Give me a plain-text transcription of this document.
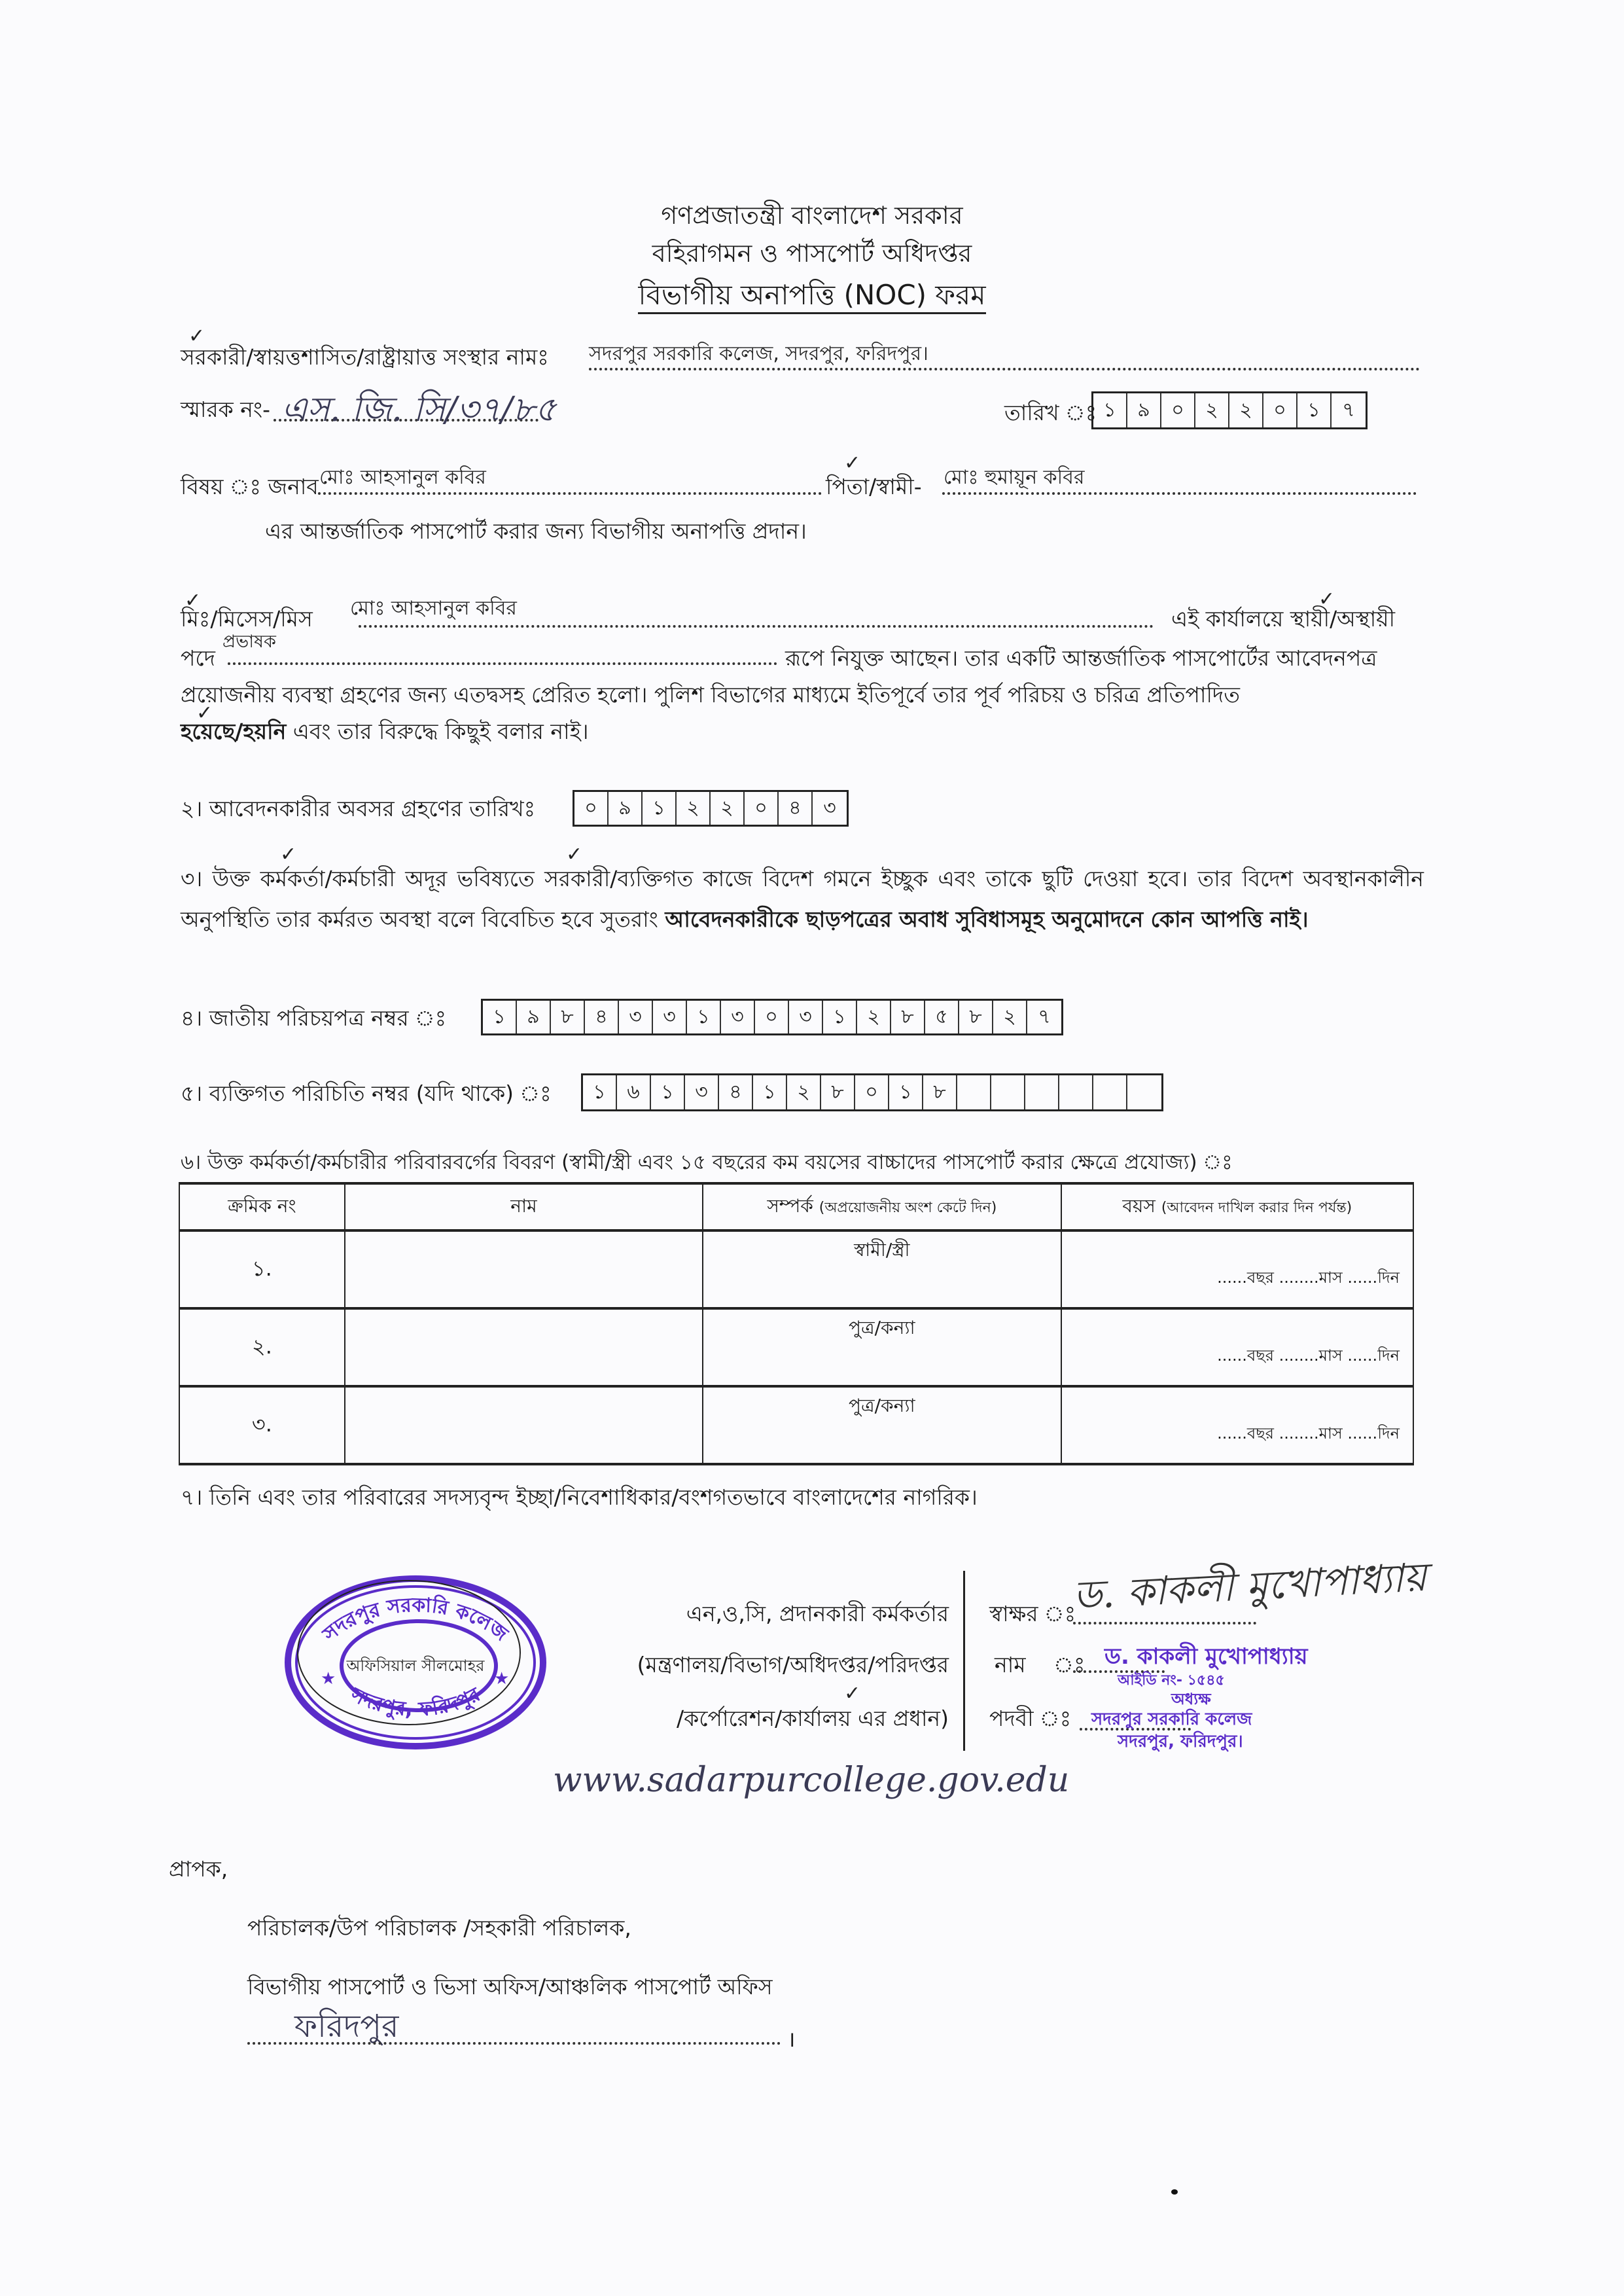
গণপ্রজাতন্ত্রী বাংলাদেশ সরকার
বহিরাগমন ও পাসপোর্ট অধিদপ্তর
বিভাগীয় অনাপত্তি (NOC) ফরম
✓
সরকারী/স্বায়ত্তশাসিত/রাষ্ট্রায়াত্ত সংস্থার নামঃ সদরপুর সরকারি কলেজ, সদরপুর, ফরিদপুর।
স্মারক নং- এস. জি. সি/৩৭/৮৫	তারিখ ঃ ১	৯	০	২	২	০	১	৭
বিষয় ঃ জনাব মোঃ আহসানুল কবির
✓
পিতা/স্বামী- মোঃ হুমায়ূন কবির
এর আন্তর্জাতিক পাসপোর্ট করার জন্য বিভাগীয় অনাপত্তি প্রদান।
✓
মিঃ/মিসেস/মিস মোঃ আহসানুল কবির	✓
এই কার্যালয়ে স্থায়ী/অস্থায়ী
পদে
প্রভাষক
রূপে নিযুক্ত আছেন। তার একটি আন্তর্জাতিক পাসপোর্টের আবেদনপত্র
প্রয়োজনীয় ব্যবস্থা গ্রহণের জন্য এতদ্বসহ প্রেরিত হলো। পুলিশ বিভাগের মাধ্যমে ইতিপূর্বে তার পূর্ব পরিচয় ও চরিত্র প্রতিপাদিত
✓
হয়েছে/হয়নি এবং তার বিরুদ্ধে কিছুই বলার নাই।
২। আবেদনকারীর অবসর গ্রহণের তারিখঃ	০	৯	১	২	২	০	৪	৩
✓	✓
৩। উক্ত কর্মকর্তা/কর্মচারী অদূর ভবিষ্যতে সরকারী/ব্যক্তিগত কাজে বিদেশ গমনে ইচ্ছুক এবং তাকে ছুটি দেওয়া হবে। তার বিদেশ অবস্থানকালীন অনুপস্থিতি তার কর্মরত অবস্থা বলে বিবেচিত হবে সুতরাং আবেদনকারীকে ছাড়পত্রের অবাধ সুবিধাসমূহ অনুমোদনে কোন আপত্তি নাই।
৪। জাতীয় পরিচয়পত্র নম্বর ঃ	১	৯	৮	৪	৩	৩	১	৩	০	৩	১	২	৮	৫	৮	২	৭
৫। ব্যক্তিগত পরিচিতি নম্বর (যদি থাকে) ঃ	১	৬	১	৩	৪	১	২	৮	০	১	৮
৬। উক্ত কর্মকর্তা/কর্মচারীর পরিবারবর্গের বিবরণ (স্বামী/স্ত্রী এবং ১৫ বছরের কম বয়সের বাচ্চাদের পাসপোর্ট করার ক্ষেত্রে প্রযোজ্য) ঃ
ক্রমিক নং	নাম	সম্পর্ক (অপ্রয়োজনীয় অংশ কেটে দিন)	বয়স (আবেদন দাখিল করার দিন পর্যন্ত)
১.		স্বামী/স্ত্রী	......বছর ........মাস ......দিন

২.		পুত্র/কন্যা	......বছর ........মাস ......দিন

৩.		পুত্র/কন্যা	......বছর ........মাস ......দিন
৭। তিনি এবং তার পরিবারের সদস্যবৃন্দ ইচ্ছা/নিবেশাধিকার/বংশগতভাবে বাংলাদেশের নাগরিক।
সদরপুর সরকারি কলেজ
সদরপুর, ফরিদপুর
★	★
অফিসিয়াল সীলমোহর
এন,ও,সি, প্রদানকারী কর্মকর্তার
(মন্ত্রণালয়/বিভাগ/অধিদপ্তর/পরিদপ্তর
✓
/কর্পোরেশন/কার্যালয় এর প্রধান)
স্বাক্ষর ঃ
ড. কাকলী মুখোপাধ্যায়
নাম ঃ ড. কাকলী মুখোপাধ্যায়
আইডি নং- ১৫৪৫
অধ্যক্ষ
পদবী ঃ সদরপুর সরকারি কলেজ
সদরপুর, ফরিদপুর।
www.sadarpurcollege.gov.edu
প্রাপক,
পরিচালক/উপ পরিচালক /সহকারী পরিচালক,
বিভাগীয় পাসপোর্ট ও ভিসা অফিস/আঞ্চলিক পাসপোর্ট অফিস
ফরিদপুর	।
